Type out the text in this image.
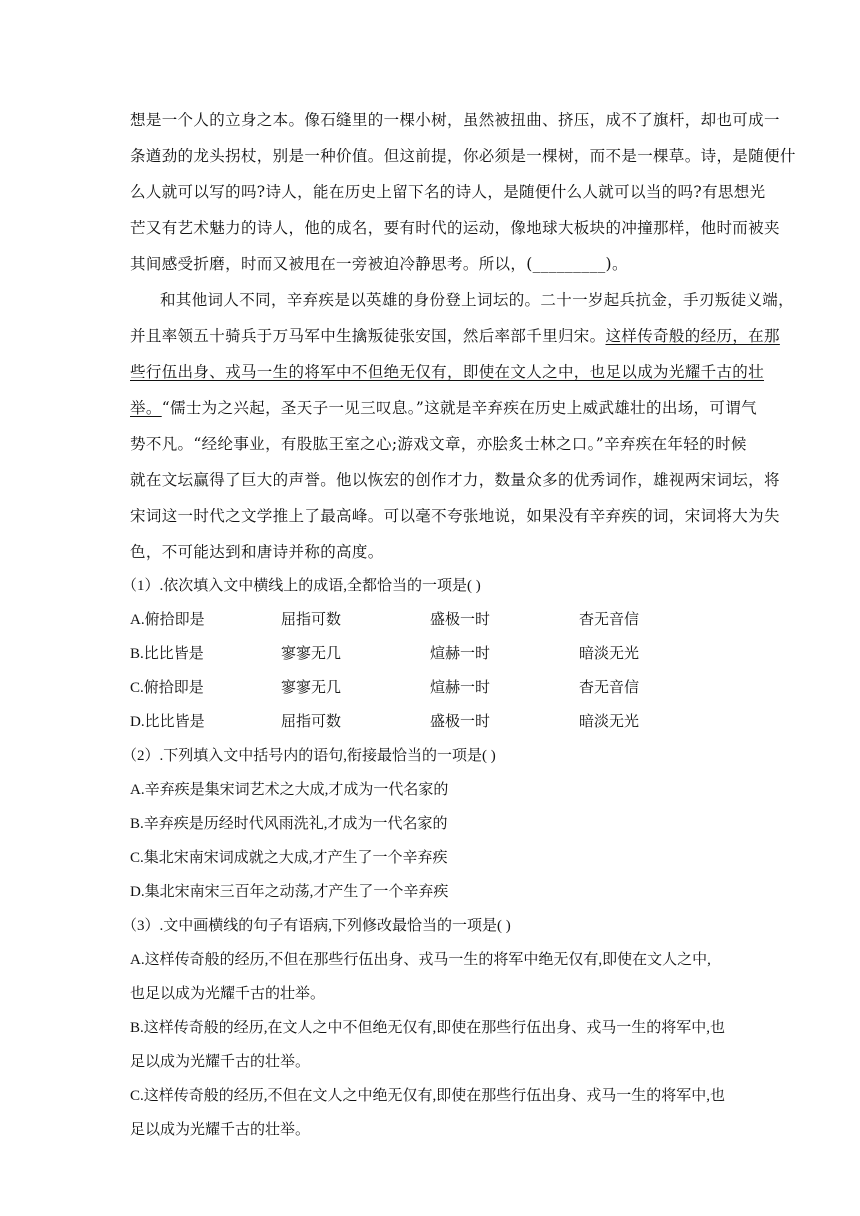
想是一个人的立身之本。像石缝里的一棵小树，虽然被扭曲、挤压，成不了旗杆，却也可成一
条遒劲的龙头拐杖，别是一种价值。但这前提，你必须是一棵树，而不是一棵草。诗，是随便什
么人就可以写的吗?诗人，能在历史上留下名的诗人，是随便什么人就可以当的吗?有思想光
芒又有艺术魅力的诗人，他的成名，要有时代的运动，像地球大板块的冲撞那样，他时而被夹
其间感受折磨，时而又被甩在一旁被迫冷静思考。所以，(_________)。
和其他词人不同，辛弃疾是以英雄的身份登上词坛的。二十一岁起兵抗金，手刃叛徒义端，
并且率领五十骑兵于万马军中生擒叛徒张安国，然后率部千里归宋。这样传奇般的经历，在那
些行伍出身、戎马一生的将军中不但绝无仅有，即使在文人之中，也足以成为光耀千古的壮
举。“儒士为之兴起，圣天子一见三叹息。”这就是辛弃疾在历史上威武雄壮的出场，可谓气
势不凡。“经纶事业，有股肱王室之心;游戏文章，亦脍炙士林之口。”辛弃疾在年轻的时候
就在文坛赢得了巨大的声誉。他以恢宏的创作才力，数量众多的优秀词作，雄视两宋词坛，将
宋词这一时代之文学推上了最高峰。可以毫不夸张地说，如果没有辛弃疾的词，宋词将大为失
色，不可能达到和唐诗并称的高度。
（1）.依次填入文中横线上的成语,全都恰当的一项是( )
A.俯拾即是	屈指可数	盛极一时	杳无音信
B.比比皆是	寥寥无几	煊赫一时	暗淡无光
C.俯拾即是	寥寥无几	煊赫一时	杳无音信
D.比比皆是	屈指可数	盛极一时	暗淡无光
（2）.下列填入文中括号内的语句,衔接最恰当的一项是( )
A.辛弃疾是集宋词艺术之大成,才成为一代名家的
B.辛弃疾是历经时代风雨洗礼,才成为一代名家的
C.集北宋南宋词成就之大成,才产生了一个辛弃疾
D.集北宋南宋三百年之动荡,才产生了一个辛弃疾
（3）.文中画横线的句子有语病,下列修改最恰当的一项是( )
A.这样传奇般的经历,不但在那些行伍出身、戎马一生的将军中绝无仅有,即使在文人之中,
也足以成为光耀千古的壮举。
B.这样传奇般的经历,在文人之中不但绝无仅有,即使在那些行伍出身、戎马一生的将军中,也
足以成为光耀千古的壮举。
C.这样传奇般的经历,不但在文人之中绝无仅有,即使在那些行伍出身、戎马一生的将军中,也
足以成为光耀千古的壮举。
